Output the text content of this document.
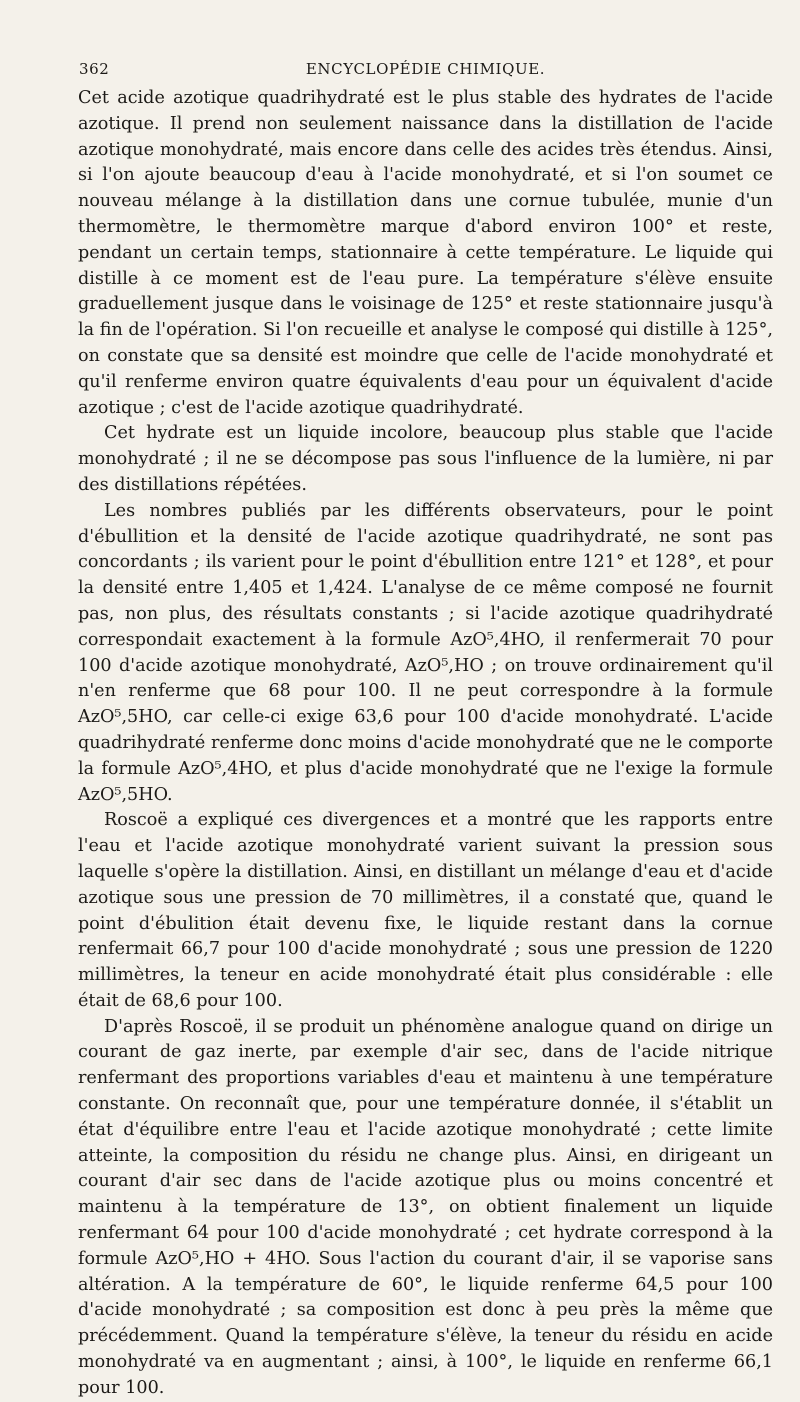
362	ENCYCLOPÉDIE CHIMIQUE.

Cet acide azotique quadrihydraté est le plus stable des hydrates de l'acide azotique. Il prend non seulement naissance dans la distillation de l'acide azotique monohydraté, mais encore dans celle des acides très étendus. Ainsi, si l'on ajoute beaucoup d'eau à l'acide monohydraté, et si l'on soumet ce nouveau mélange à la distillation dans une cornue tubulée, munie d'un thermomètre, le thermomètre marque d'abord environ 100° et reste, pendant un certain temps, stationnaire à cette température. Le liquide qui distille à ce moment est de l'eau pure. La température s'élève ensuite graduellement jusque dans le voisinage de 125° et reste stationnaire jusqu'à la fin de l'opération. Si l'on recueille et analyse le composé qui distille à 125°, on constate que sa densité est moindre que celle de l'acide monohydraté et qu'il renferme environ quatre équivalents d'eau pour un équivalent d'acide azotique ; c'est de l'acide azotique quadrihydraté.

Cet hydrate est un liquide incolore, beaucoup plus stable que l'acide monohydraté ; il ne se décompose pas sous l'influence de la lumière, ni par des distillations répétées.

Les nombres publiés par les différents observateurs, pour le point d'ébullition et la densité de l'acide azotique quadrihydraté, ne sont pas concordants ; ils varient pour le point d'ébullition entre 121° et 128°, et pour la densité entre 1,405 et 1,424. L'analyse de ce même composé ne fournit pas, non plus, des résultats constants ; si l'acide azotique quadrihydraté correspondait exactement à la formule AzO⁵,4HO, il renfermerait 70 pour 100 d'acide azotique monohydraté, AzO⁵,HO ; on trouve ordinairement qu'il n'en renferme que 68 pour 100. Il ne peut correspondre à la formule AzO⁵,5HO, car celle-ci exige 63,6 pour 100 d'acide monohydraté. L'acide quadrihydraté renferme donc moins d'acide monohydraté que ne le comporte la formule AzO⁵,4HO, et plus d'acide monohydraté que ne l'exige la formule AzO⁵,5HO.

Roscoë a expliqué ces divergences et a montré que les rapports entre l'eau et l'acide azotique monohydraté varient suivant la pression sous laquelle s'opère la distillation. Ainsi, en distillant un mélange d'eau et d'acide azotique sous une pression de 70 millimètres, il a constaté que, quand le point d'ébulition était devenu fixe, le liquide restant dans la cornue renfermait 66,7 pour 100 d'acide monohydraté ; sous une pression de 1220 millimètres, la teneur en acide monohydraté était plus considérable : elle était de 68,6 pour 100.

D'après Roscoë, il se produit un phénomène analogue quand on dirige un courant de gaz inerte, par exemple d'air sec, dans de l'acide nitrique renfermant des proportions variables d'eau et maintenu à une température constante. On reconnaît que, pour une température donnée, il s'établit un état d'équilibre entre l'eau et l'acide azotique monohydraté ; cette limite atteinte, la composition du résidu ne change plus. Ainsi, en dirigeant un courant d'air sec dans de l'acide azotique plus ou moins concentré et maintenu à la température de 13°, on obtient finalement un liquide renfermant 64 pour 100 d'acide monohydraté ; cet hydrate correspond à la formule AzO⁵,HO + 4HO. Sous l'action du courant d'air, il se vaporise sans altération. A la température de 60°, le liquide renferme 64,5 pour 100 d'acide monohydraté ; sa composition est donc à peu près la même que précédemment. Quand la température s'élève, la teneur du résidu en acide monohydraté va en augmentant ; ainsi, à 100°, le liquide en renferme 66,1 pour 100.
